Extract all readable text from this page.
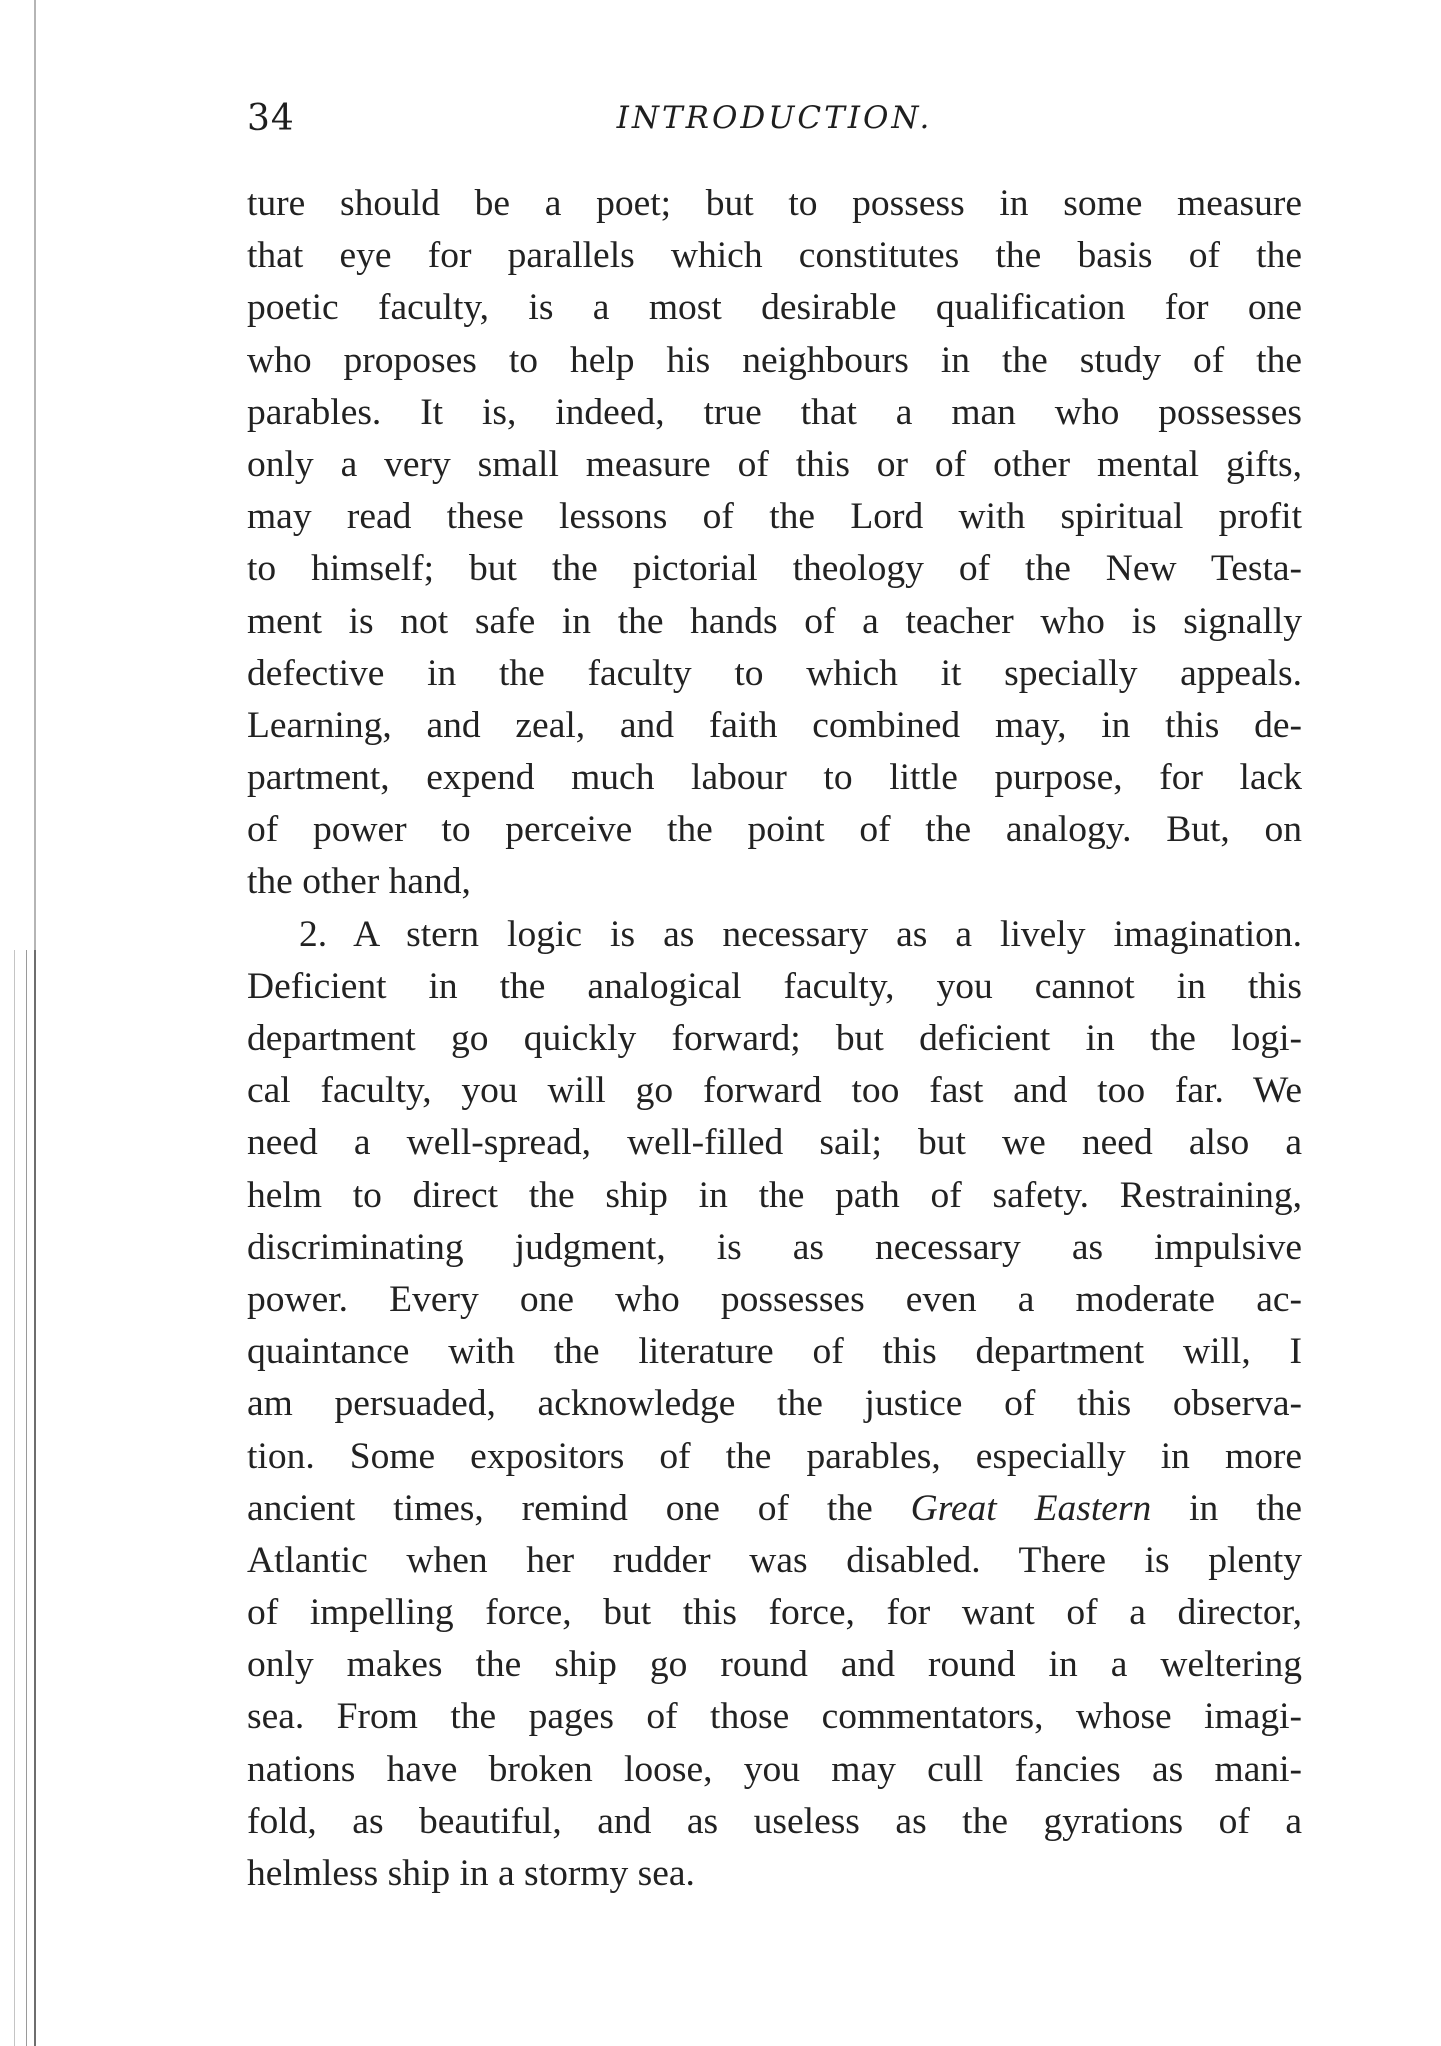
34	INTRODUCTION.
ture should be a poet; but to possess in some measure
that eye for parallels which constitutes the basis of the
poetic faculty, is a most desirable qualification for one
who proposes to help his neighbours in the study of the
parables. It is, indeed, true that a man who possesses
only a very small measure of this or of other mental gifts,
may read these lessons of the Lord with spiritual profit
to himself; but the pictorial theology of the New Testa-
ment is not safe in the hands of a teacher who is signally
defective in the faculty to which it specially appeals.
Learning, and zeal, and faith combined may, in this de-
partment, expend much labour to little purpose, for lack
of power to perceive the point of the analogy. But, on
the other hand,
2. A stern logic is as necessary as a lively imagination.
Deficient in the analogical faculty, you cannot in this
department go quickly forward; but deficient in the logi-
cal faculty, you will go forward too fast and too far. We
need a well-spread, well-filled sail; but we need also a
helm to direct the ship in the path of safety. Restraining,
discriminating judgment, is as necessary as impulsive
power. Every one who possesses even a moderate ac-
quaintance with the literature of this department will, I
am persuaded, acknowledge the justice of this observa-
tion. Some expositors of the parables, especially in more
ancient times, remind one of the Great Eastern in the
Atlantic when her rudder was disabled. There is plenty
of impelling force, but this force, for want of a director,
only makes the ship go round and round in a weltering
sea. From the pages of those commentators, whose imagi-
nations have broken loose, you may cull fancies as mani-
fold, as beautiful, and as useless as the gyrations of a
helmless ship in a stormy sea.
